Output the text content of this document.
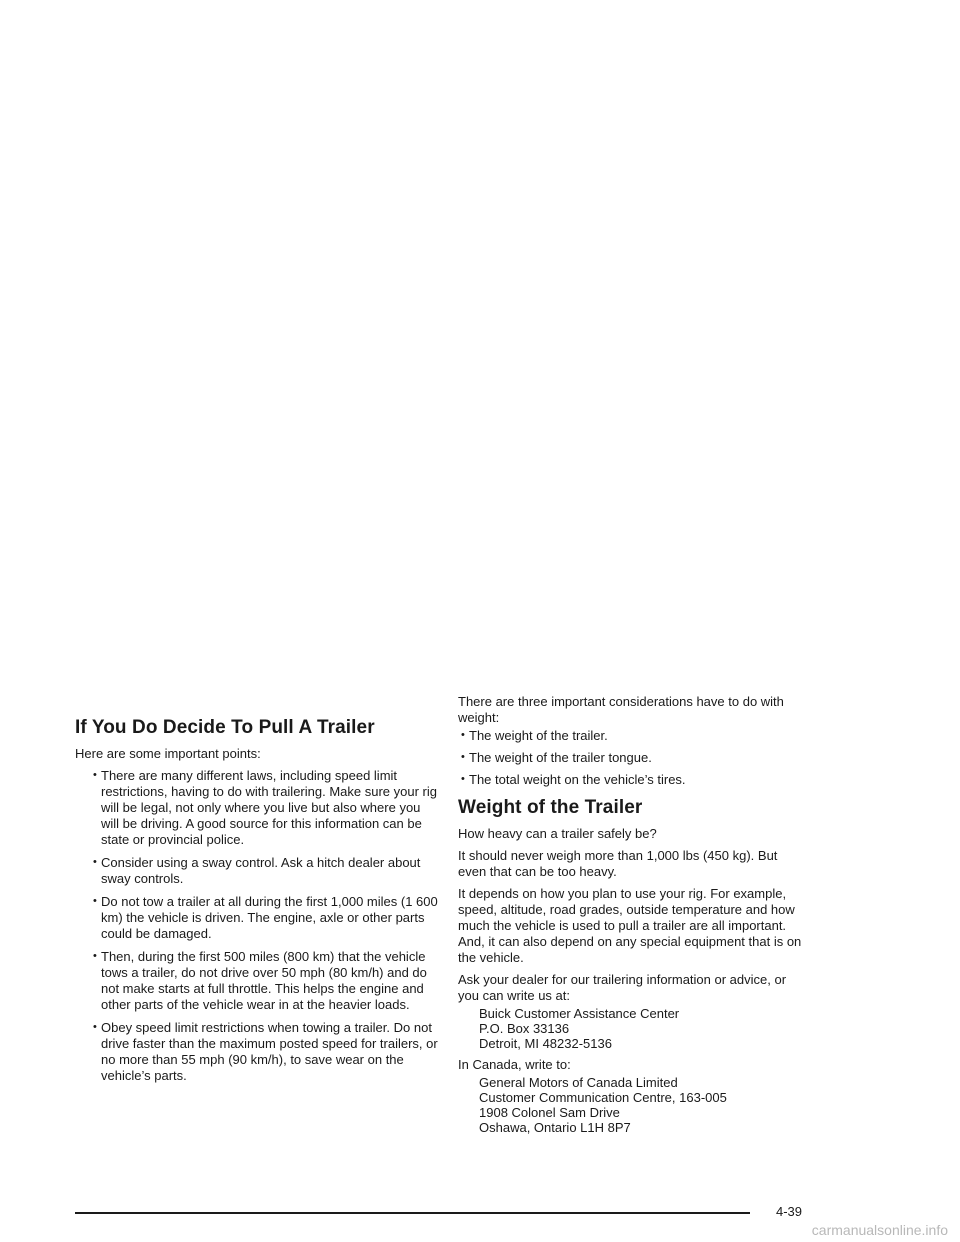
If You Do Decide To Pull A Trailer

Here are some important points:

• There are many different laws, including speed limit restrictions, having to do with trailering. Make sure your rig will be legal, not only where you live but also where you will be driving. A good source for this information can be state or provincial police.
• Consider using a sway control. Ask a hitch dealer about sway controls.
• Do not tow a trailer at all during the first 1,000 miles (1 600 km) the vehicle is driven. The engine, axle or other parts could be damaged.
• Then, during the first 500 miles (800 km) that the vehicle tows a trailer, do not drive over 50 mph (80 km/h) and do not make starts at full throttle. This helps the engine and other parts of the vehicle wear in at the heavier loads.
• Obey speed limit restrictions when towing a trailer. Do not drive faster than the maximum posted speed for trailers, or no more than 55 mph (90 km/h), to save wear on the vehicle’s parts.

There are three important considerations have to do with weight:

• The weight of the trailer.
• The weight of the trailer tongue.
• The total weight on the vehicle’s tires.
Weight of the Trailer

How heavy can a trailer safely be?

It should never weigh more than 1,000 lbs (450 kg). But even that can be too heavy.

It depends on how you plan to use your rig. For example, speed, altitude, road grades, outside temperature and how much the vehicle is used to pull a trailer are all important. And, it can also depend on any special equipment that is on the vehicle.

Ask your dealer for our trailering information or advice, or you can write us at:

Buick Customer Assistance Center
P.O. Box 33136
Detroit, MI 48232-5136

In Canada, write to:

General Motors of Canada Limited
Customer Communication Centre, 163-005
1908 Colonel Sam Drive
Oshawa, Ontario L1H 8P7
4-39
carmanualsonline.info
